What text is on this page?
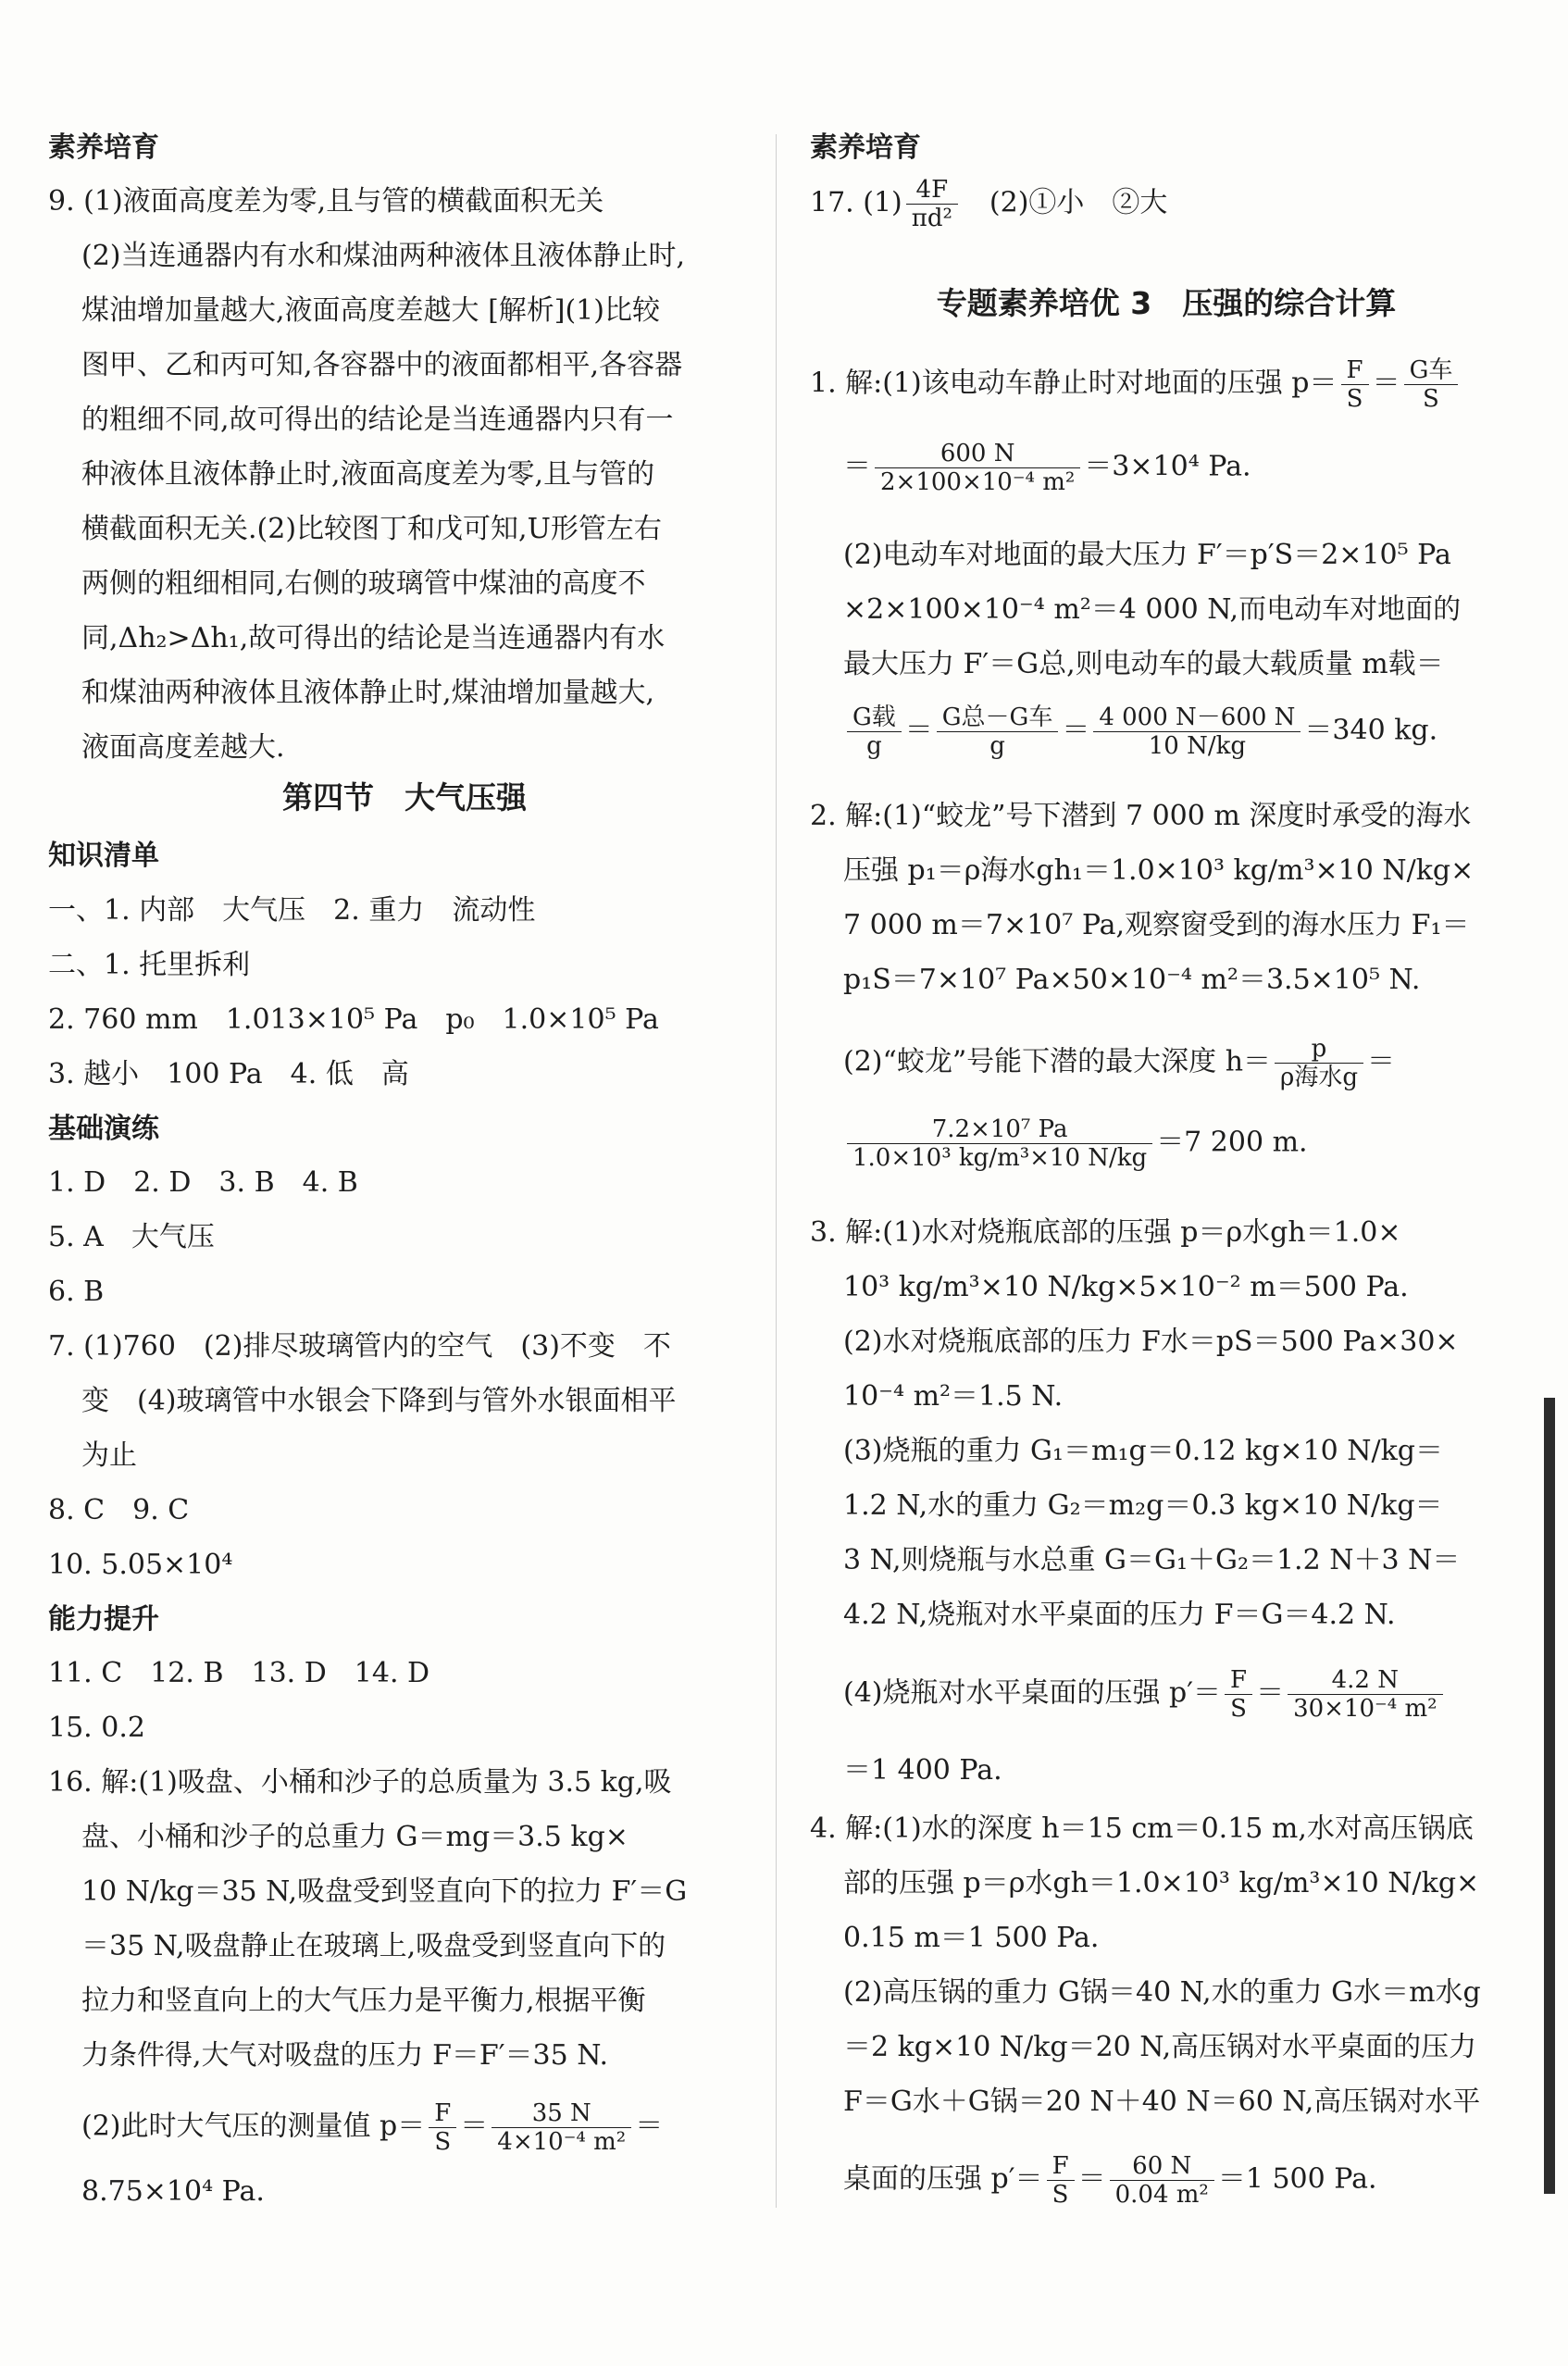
素养培育
9. (1)液面高度差为零,且与管的横截面积无关
(2)当连通器内有水和煤油两种液体且液体静止时,
煤油增加量越大,液面高度差越大 [解析](1)比较
图甲、乙和丙可知,各容器中的液面都相平,各容器
的粗细不同,故可得出的结论是当连通器内只有一
种液体且液体静止时,液面高度差为零,且与管的
横截面积无关.(2)比较图丁和戊可知,U形管左右
两侧的粗细相同,右侧的玻璃管中煤油的高度不
同,Δh₂>Δh₁,故可得出的结论是当连通器内有水
和煤油两种液体且液体静止时,煤油增加量越大,
液面高度差越大.
第四节　大气压强
知识清单
一、1. 内部　大气压　2. 重力　流动性
二、1. 托里拆利
2. 760 mm　1.013×10⁵ Pa　p₀　1.0×10⁵ Pa
3. 越小　100 Pa　4. 低　高
基础演练
1. D　2. D　3. B　4. B
5. A　大气压
6. B
7. (1)760　(2)排尽玻璃管内的空气　(3)不变　不
变　(4)玻璃管中水银会下降到与管外水银面相平
为止
8. C　9. C
10. 5.05×10⁴
能力提升
11. C　12. B　13. D　14. D
15. 0.2
16. 解:(1)吸盘、小桶和沙子的总质量为 3.5 kg,吸
盘、小桶和沙子的总重力 G＝mg＝3.5 kg×
10 N/kg＝35 N,吸盘受到竖直向下的拉力 F′＝G
＝35 N,吸盘静止在玻璃上,吸盘受到竖直向下的
拉力和竖直向上的大气压力是平衡力,根据平衡
力条件得,大气对吸盘的压力 F＝F′＝35 N.
(2)此时大气压的测量值 $p= \frac{F}{S} = \frac{35 N}{\text{4×10⁻⁴ m²}}$ ＝
8.75×10⁴ Pa.
素养培育
17. $(1) \frac{4F}{\text{πd²}}$ 　(2)①小　②大
专题素养培优 3　压强的综合计算
1. 解:(1)该电动车静止时对地面的压强 $p= \frac{F}{S} = G$车
S
＝ $\frac{600 N}{\text{2×100×10⁻⁴ m²}} =3\times 10^4$ Pa.
(2)电动车对地面的最大压力 F′＝p′S＝2×10⁵ Pa
×2×100×10⁻⁴ m²＝4 000 N,而电动车对地面的
最大压力 F′＝G总,则电动车的最大载质量 m载＝
G载
g ＝ G总－G车
g	＝ $\frac{4 000 N-600 N}{10 N/kg} =340$ kg.
2. 解:(1)“蛟龙”号下潜到 7 000 m 深度时承受的海水
压强 p₁＝ρ海水gh₁＝1.0×10³ kg/m³×10 N/kg×
7 000 m＝7×10⁷ Pa,观察窗受到的海水压力 F₁＝
p₁S＝7×10⁷ Pa×50×10⁻⁴ m²＝3.5×10⁵ N.
(2)“蛟龙”号能下潜的最大深度 h＝	p
ρ海水g ＝
$\frac{\text{7.2×10⁷ Pa}}{\text{1.0×10³ kg/m³×10 N/kg}} =7$ 200 m.
3. 解:(1)水对烧瓶底部的压强 p＝ρ水gh＝1.0×
10³ kg/m³×10 N/kg×5×10⁻² m＝500 Pa.
(2)水对烧瓶底部的压力 F水＝pS＝500 Pa×30×
10⁻⁴ m²＝1.5 N.
(3)烧瓶的重力 G₁＝m₁g＝0.12 kg×10 N/kg＝
1.2 N,水的重力 G₂＝m₂g＝0.3 kg×10 N/kg＝
3 N,则烧瓶与水总重 G＝G₁＋G₂＝1.2 N＋3 N＝
4.2 N,烧瓶对水平桌面的压力 F＝G＝4.2 N.
(4)烧瓶对水平桌面的压强 $p'= \frac{F}{S} = \frac{4.2 N}{\text{30×10⁻⁴ m²}}$
＝1 400 Pa.
4. 解:(1)水的深度 h＝15 cm＝0.15 m,水对高压锅底
部的压强 p＝ρ水gh＝1.0×10³ kg/m³×10 N/kg×
0.15 m＝1 500 Pa.
(2)高压锅的重力 G锅＝40 N,水的重力 G水＝m水g
＝2 kg×10 N/kg＝20 N,高压锅对水平桌面的压力
F＝G水＋G锅＝20 N＋40 N＝60 N,高压锅对水平
桌面的压强 $p'= \frac{F}{S} = \frac{60 N}{\text{0.04 m²}} =1$ 500 Pa.
